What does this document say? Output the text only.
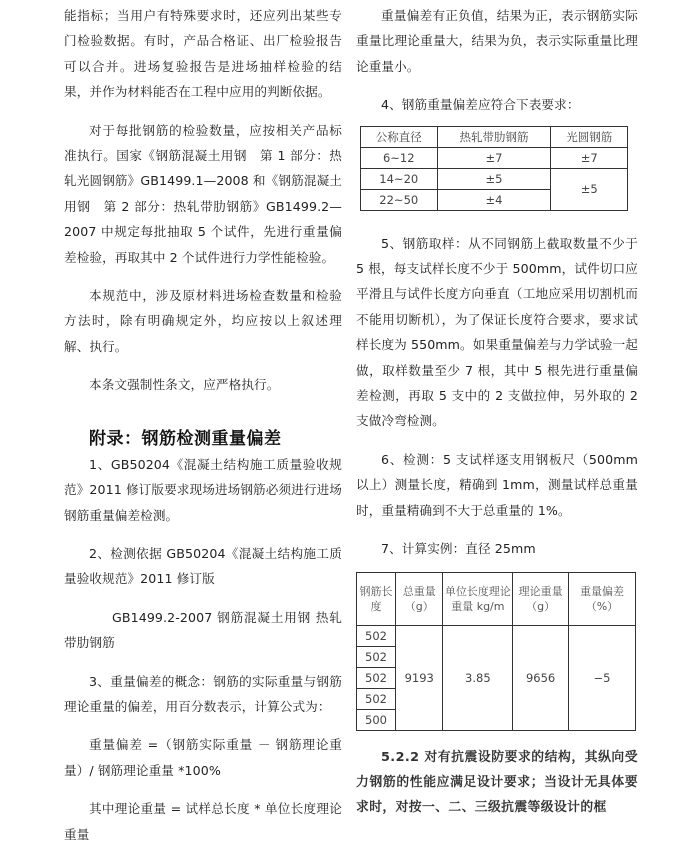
能指标；当用户有特殊要求时，还应列出某些专门检验数据。有时，产品合格证、出厂检验报告可以合并。进场复验报告是进场抽样检验的结果，并作为材料能否在工程中应用的判断依据。

对于每批钢筋的检验数量，应按相关产品标准执行。国家《钢筋混凝土用钢　第 1 部分：热轧光圆钢筋》GB1499.1—2008 和《钢筋混凝土用钢　第 2 部分：热轧带肋钢筋》GB1499.2—2007 中规定每批抽取 5 个试件，先进行重量偏差检验，再取其中 2 个试件进行力学性能检验。

本规范中，涉及原材料进场检查数量和检验方法时，除有明确规定外，均应按以上叙述理解、执行。

本条文强制性条文，应严格执行。

附录：钢筋检测重量偏差

1、GB50204《混凝土结构施工质量验收规范》2011 修订版要求现场进场钢筋必须进行进场钢筋重量偏差检测。

2、检测依据 GB50204《混凝土结构施工质量验收规范》2011 修订版

GB1499.2-2007 钢筋混凝土用钢 热轧带肋钢筋

3、重量偏差的概念：钢筋的实际重量与钢筋理论重量的偏差，用百分数表示，计算公式为：

重量偏差 =（钢筋实际重量 － 钢筋理论重量）/ 钢筋理论重量 *100%

其中理论重量 = 试样总长度 * 单位长度理论重量

重量偏差有正负值，结果为正，表示钢筋实际重量比理论重量大，结果为负，表示实际重量比理论重量小。

4、钢筋重量偏差应符合下表要求：

公称直径	热轧带肋钢筋	光圆钢筋
6~12	±7	±7
14~20	±5	±5
22~50	±4	

5、钢筋取样：从不同钢筋上截取数量不少于 5 根，每支试样长度不少于 500mm，试件切口应平滑且与试件长度方向垂直（工地应采用切割机而不能用切断机），为了保证长度符合要求，要求试样长度为 550mm。如果重量偏差与力学试验一起做，取样数量至少 7 根，其中 5 根先进行重量偏差检测，再取 5 支中的 2 支做拉伸，另外取的 2 支做冷弯检测。

6、检测：5 支试样逐支用钢板尺（500mm 以上）测量长度，精确到 1mm，测量试样总重量时，重量精确到不大于总重量的 1%。

7、计算实例：直径 25mm

钢筋长度	总重量（g）	单位长度理论重量 kg/m	理论重量（g）	重量偏差（%）
502	9193	3.85	9656	−5
502				
502				
502				
500				

5.2.2 对有抗震设防要求的结构，其纵向受力钢筋的性能应满足设计要求；当设计无具体要求时，对按一、二、三级抗震等级设计的框
